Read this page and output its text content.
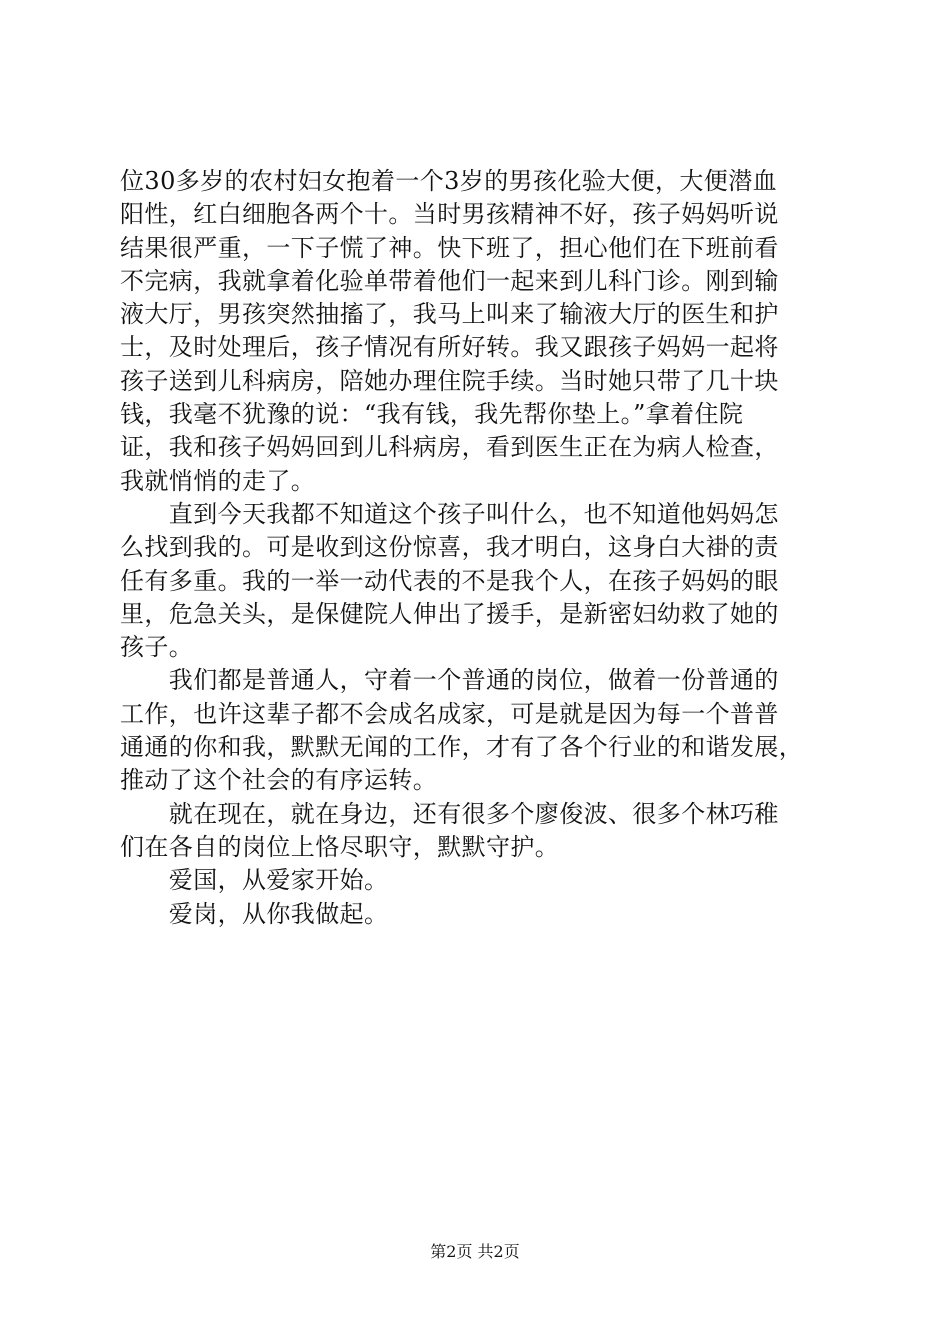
位30多岁的农村妇女抱着一个3岁的男孩化验大便，大便潜血
阳性，红白细胞各两个十。当时男孩精神不好，孩子妈妈听说
结果很严重，一下子慌了神。快下班了，担心他们在下班前看
不完病，我就拿着化验单带着他们一起来到儿科门诊。刚到输
液大厅，男孩突然抽搐了，我马上叫来了输液大厅的医生和护
士，及时处理后，孩子情况有所好转。我又跟孩子妈妈一起将
孩子送到儿科病房，陪她办理住院手续。当时她只带了几十块
钱，我毫不犹豫的说：“我有钱，我先帮你垫上。”拿着住院
证，我和孩子妈妈回到儿科病房，看到医生正在为病人检查，
我就悄悄的走了。
　　直到今天我都不知道这个孩子叫什么，也不知道他妈妈怎
么找到我的。可是收到这份惊喜，我才明白，这身白大褂的责
任有多重。我的一举一动代表的不是我个人，在孩子妈妈的眼
里，危急关头，是保健院人伸出了援手，是新密妇幼救了她的
孩子。
　　我们都是普通人，守着一个普通的岗位，做着一份普通的
工作，也许这辈子都不会成名成家，可是就是因为每一个普普
通通的你和我，默默无闻的工作，才有了各个行业的和谐发展，
推动了这个社会的有序运转。
　　就在现在，就在身边，还有很多个廖俊波、很多个林巧稚
们在各自的岗位上恪尽职守，默默守护。
　　爱国，从爱家开始。
　　爱岗，从你我做起。
第2页 共2页
